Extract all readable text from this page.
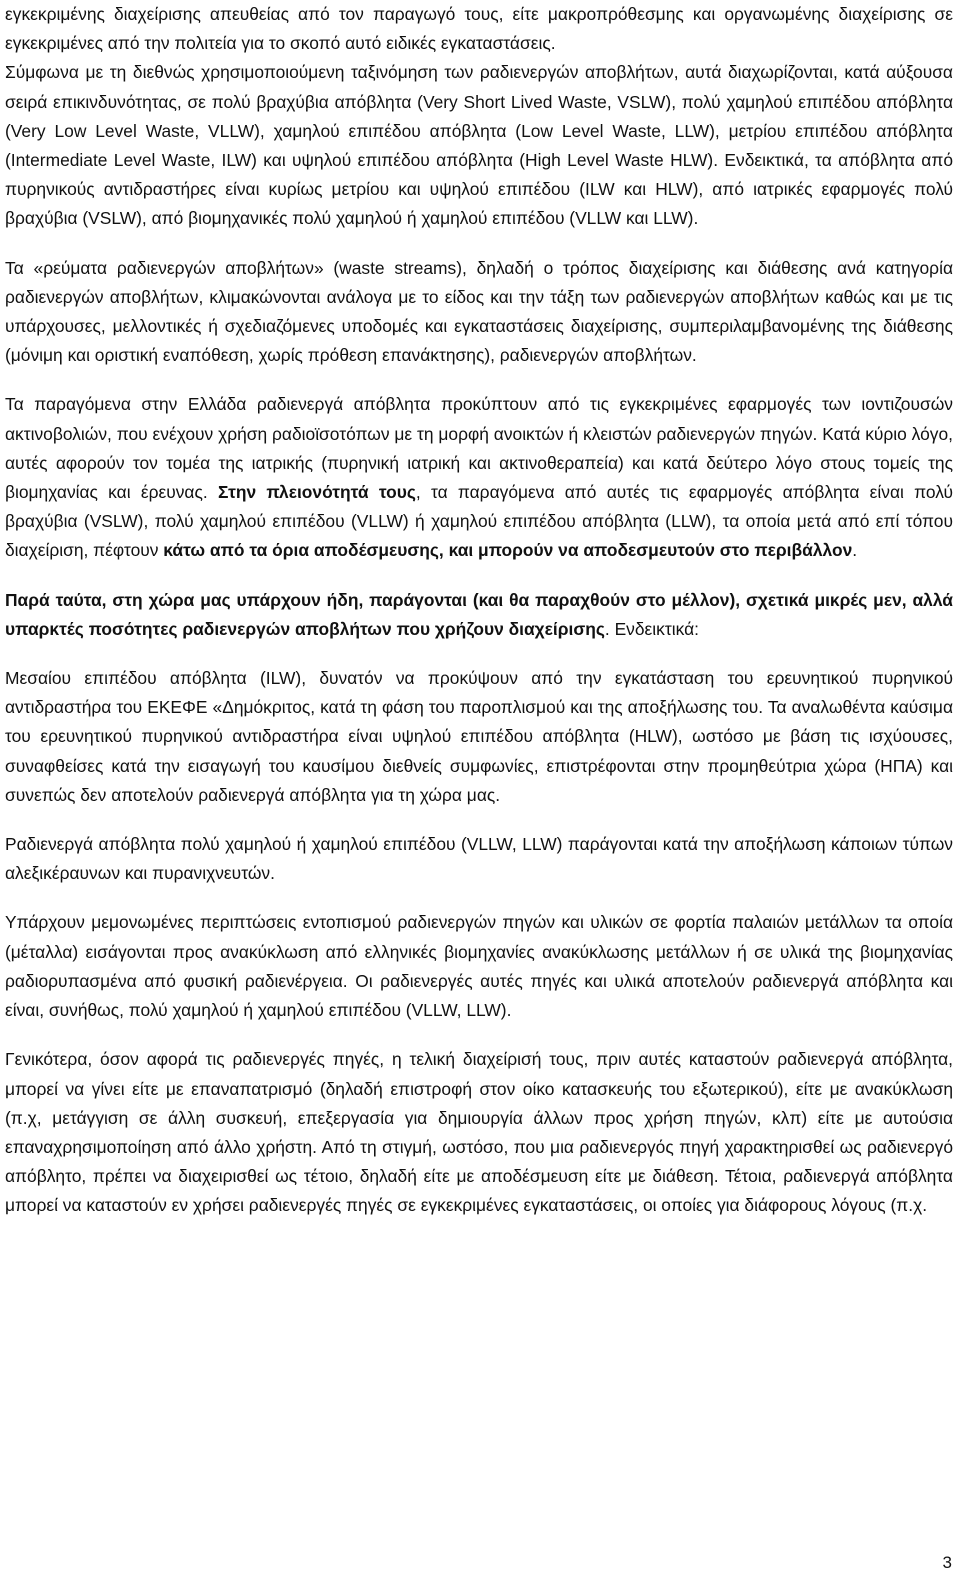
εγκεκριμένης διαχείρισης απευθείας από τον παραγωγό τους, είτε μακροπρόθεσμης και οργανωμένης διαχείρισης σε εγκεκριμένες από την πολιτεία για το σκοπό αυτό ειδικές εγκαταστάσεις.

Σύμφωνα με τη διεθνώς χρησιμοποιούμενη ταξινόμηση των ραδιενεργών αποβλήτων, αυτά διαχωρίζονται, κατά αύξουσα σειρά επικινδυνότητας, σε πολύ βραχύβια απόβλητα (Very Short Lived Waste, VSLW), πολύ χαμηλού επιπέδου απόβλητα (Very Low Level Waste, VLLW), χαμηλού επιπέδου απόβλητα (Low Level Waste, LLW), μετρίου επιπέδου απόβλητα (Intermediate Level Waste, ILW) και υψηλού επιπέδου απόβλητα (High Level Waste HLW). Ενδεικτικά, τα απόβλητα από πυρηνικούς αντιδραστήρες είναι κυρίως μετρίου και υψηλού επιπέδου (ILW και HLW), από ιατρικές εφαρμογές πολύ βραχύβια (VSLW), από βιομηχανικές πολύ χαμηλού ή χαμηλού επιπέδου (VLLW και LLW).

Τα «ρεύματα ραδιενεργών αποβλήτων» (waste streams), δηλαδή ο τρόπος διαχείρισης και διάθεσης ανά κατηγορία ραδιενεργών αποβλήτων, κλιμακώνονται ανάλογα με το είδος και την τάξη των ραδιενεργών αποβλήτων καθώς και με τις υπάρχουσες, μελλοντικές ή σχεδιαζόμενες υποδομές και εγκαταστάσεις διαχείρισης, συμπεριλαμβανομένης της διάθεσης (μόνιμη και οριστική εναπόθεση, χωρίς πρόθεση επανάκτησης), ραδιενεργών αποβλήτων.

Τα παραγόμενα στην Ελλάδα ραδιενεργά απόβλητα προκύπτουν από τις εγκεκριμένες εφαρμογές των ιοντιζουσών ακτινοβολιών, που ενέχουν χρήση ραδιοϊσοτόπων με τη μορφή ανοικτών ή κλειστών ραδιενεργών πηγών. Κατά κύριο λόγο, αυτές αφορούν τον τομέα της ιατρικής (πυρηνική ιατρική και ακτινοθεραπεία) και κατά δεύτερο λόγο στους τομείς της βιομηχανίας και έρευνας. Στην πλειονότητά τους, τα παραγόμενα από αυτές τις εφαρμογές απόβλητα είναι πολύ βραχύβια (VSLW), πολύ χαμηλού επιπέδου (VLLW) ή χαμηλού επιπέδου απόβλητα (LLW), τα οποία μετά από επί τόπου διαχείριση, πέφτουν κάτω από τα όρια αποδέσμευσης, και μπορούν να αποδεσμευτούν στο περιβάλλον.

Παρά ταύτα, στη χώρα μας υπάρχουν ήδη, παράγονται (και θα παραχθούν στο μέλλον), σχετικά μικρές μεν, αλλά υπαρκτές ποσότητες ραδιενεργών αποβλήτων που χρήζουν διαχείρισης. Ενδεικτικά:

Μεσαίου επιπέδου απόβλητα (ILW), δυνατόν να προκύψουν από την εγκατάσταση του ερευνητικού πυρηνικού αντιδραστήρα του ΕΚΕΦΕ «Δημόκριτος, κατά τη φάση του παροπλισμού και της αποξήλωσης του. Τα αναλωθέντα καύσιμα του ερευνητικού πυρηνικού αντιδραστήρα είναι υψηλού επιπέδου απόβλητα (HLW), ωστόσο με βάση τις ισχύουσες, συναφθείσες κατά την εισαγωγή του καυσίμου διεθνείς συμφωνίες, επιστρέφονται στην προμηθεύτρια χώρα (ΗΠΑ) και συνεπώς δεν αποτελούν ραδιενεργά απόβλητα για τη χώρα μας.

Ραδιενεργά απόβλητα πολύ χαμηλού ή χαμηλού επιπέδου (VLLW, LLW) παράγονται κατά την αποξήλωση κάποιων τύπων αλεξικέραυνων και πυρανιχνευτών.

Υπάρχουν μεμονωμένες περιπτώσεις εντοπισμού ραδιενεργών πηγών και υλικών σε φορτία παλαιών μετάλλων τα οποία (μέταλλα) εισάγονται προς ανακύκλωση από ελληνικές βιομηχανίες ανακύκλωσης μετάλλων ή σε υλικά της βιομηχανίας ραδιορυπασμένα από φυσική ραδιενέργεια. Οι ραδιενεργές αυτές πηγές και υλικά αποτελούν ραδιενεργά απόβλητα και είναι, συνήθως, πολύ χαμηλού ή χαμηλού επιπέδου (VLLW, LLW).

Γενικότερα, όσον αφορά τις ραδιενεργές πηγές, η τελική διαχείρισή τους, πριν αυτές καταστούν ραδιενεργά απόβλητα, μπορεί να γίνει είτε με επαναπατρισμό (δηλαδή επιστροφή στον οίκο κατασκευής του εξωτερικού), είτε με ανακύκλωση (π.χ, μετάγγιση σε άλλη συσκευή, επεξεργασία για δημιουργία άλλων προς χρήση πηγών, κλπ) είτε με αυτούσια επαναχρησιμοποίηση από άλλο χρήστη. Από τη στιγμή, ωστόσο, που μια ραδιενεργός πηγή χαρακτηρισθεί ως ραδιενεργό απόβλητο, πρέπει να διαχειρισθεί ως τέτοιο, δηλαδή είτε με αποδέσμευση είτε με διάθεση. Τέτοια, ραδιενεργά απόβλητα μπορεί να καταστούν εν χρήσει ραδιενεργές πηγές σε εγκεκριμένες εγκαταστάσεις, οι οποίες για διάφορους λόγους (π.χ.

3
